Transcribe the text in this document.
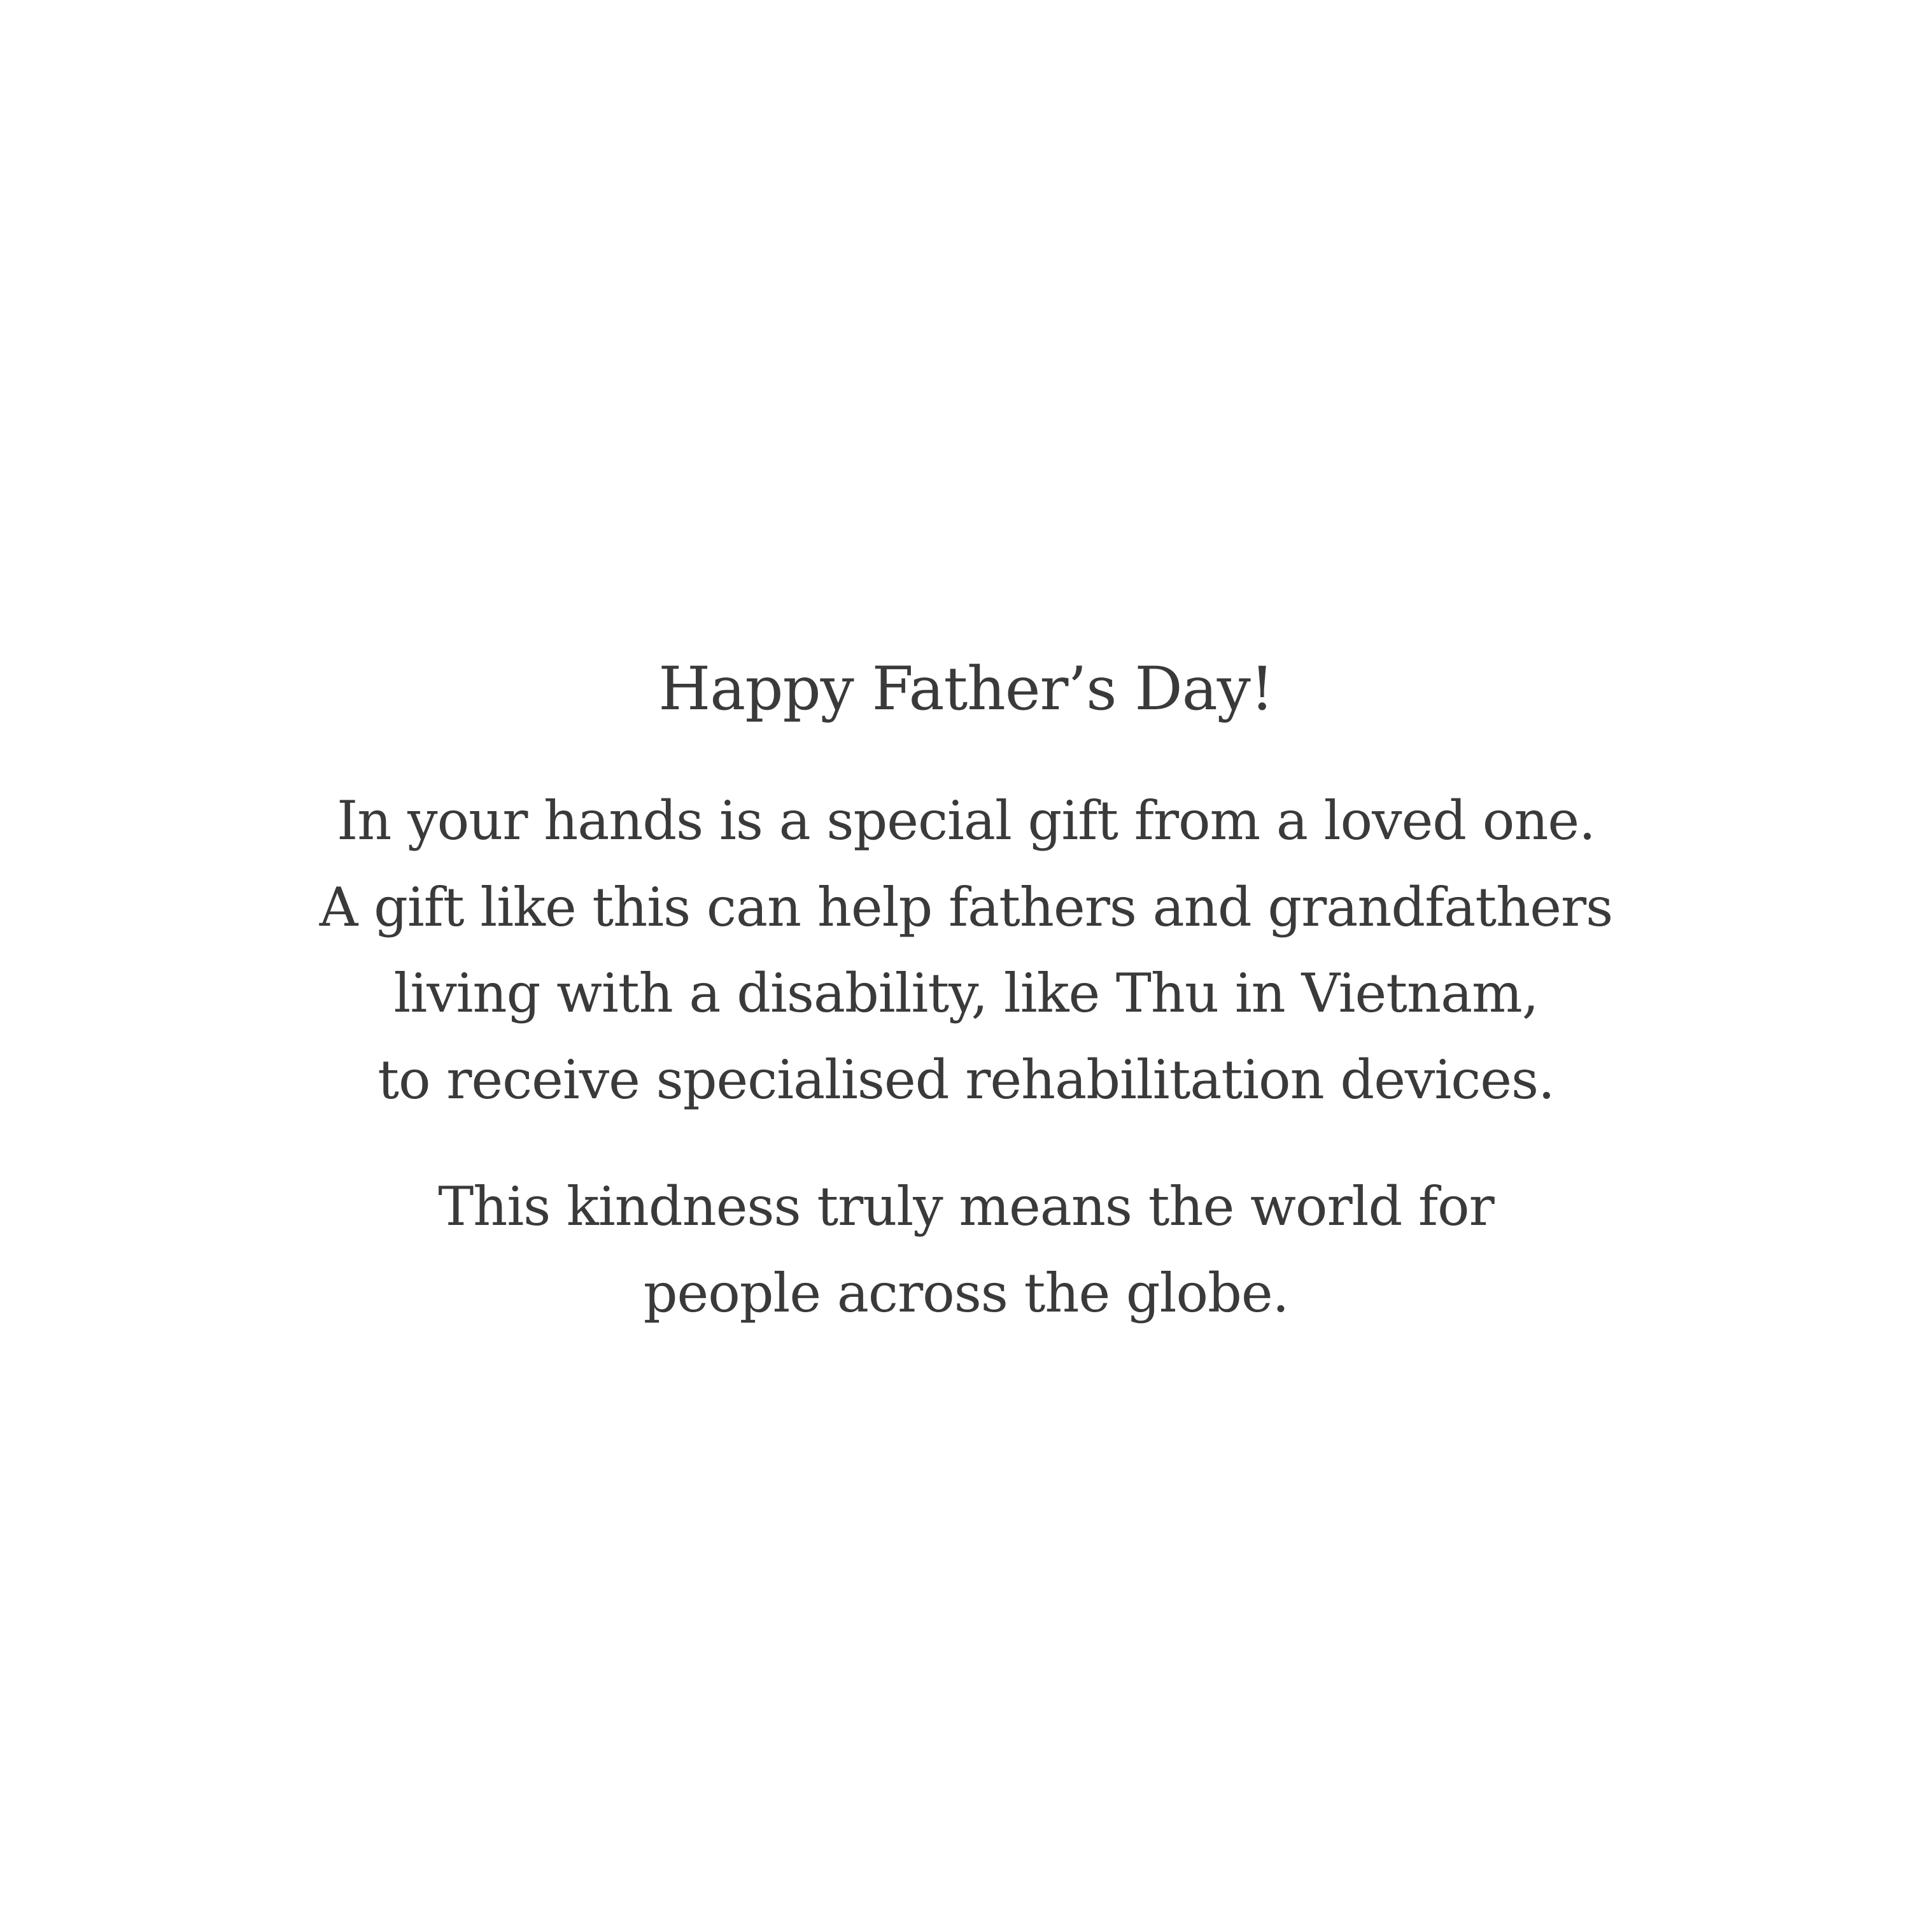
Happy Father’s Day!
In your hands is a special gift from a loved one.
A gift like this can help fathers and grandfathers
living with a disability, like Thu in Vietnam,
to receive specialised rehabilitation devices.
This kindness truly means the world for
people across the globe.
